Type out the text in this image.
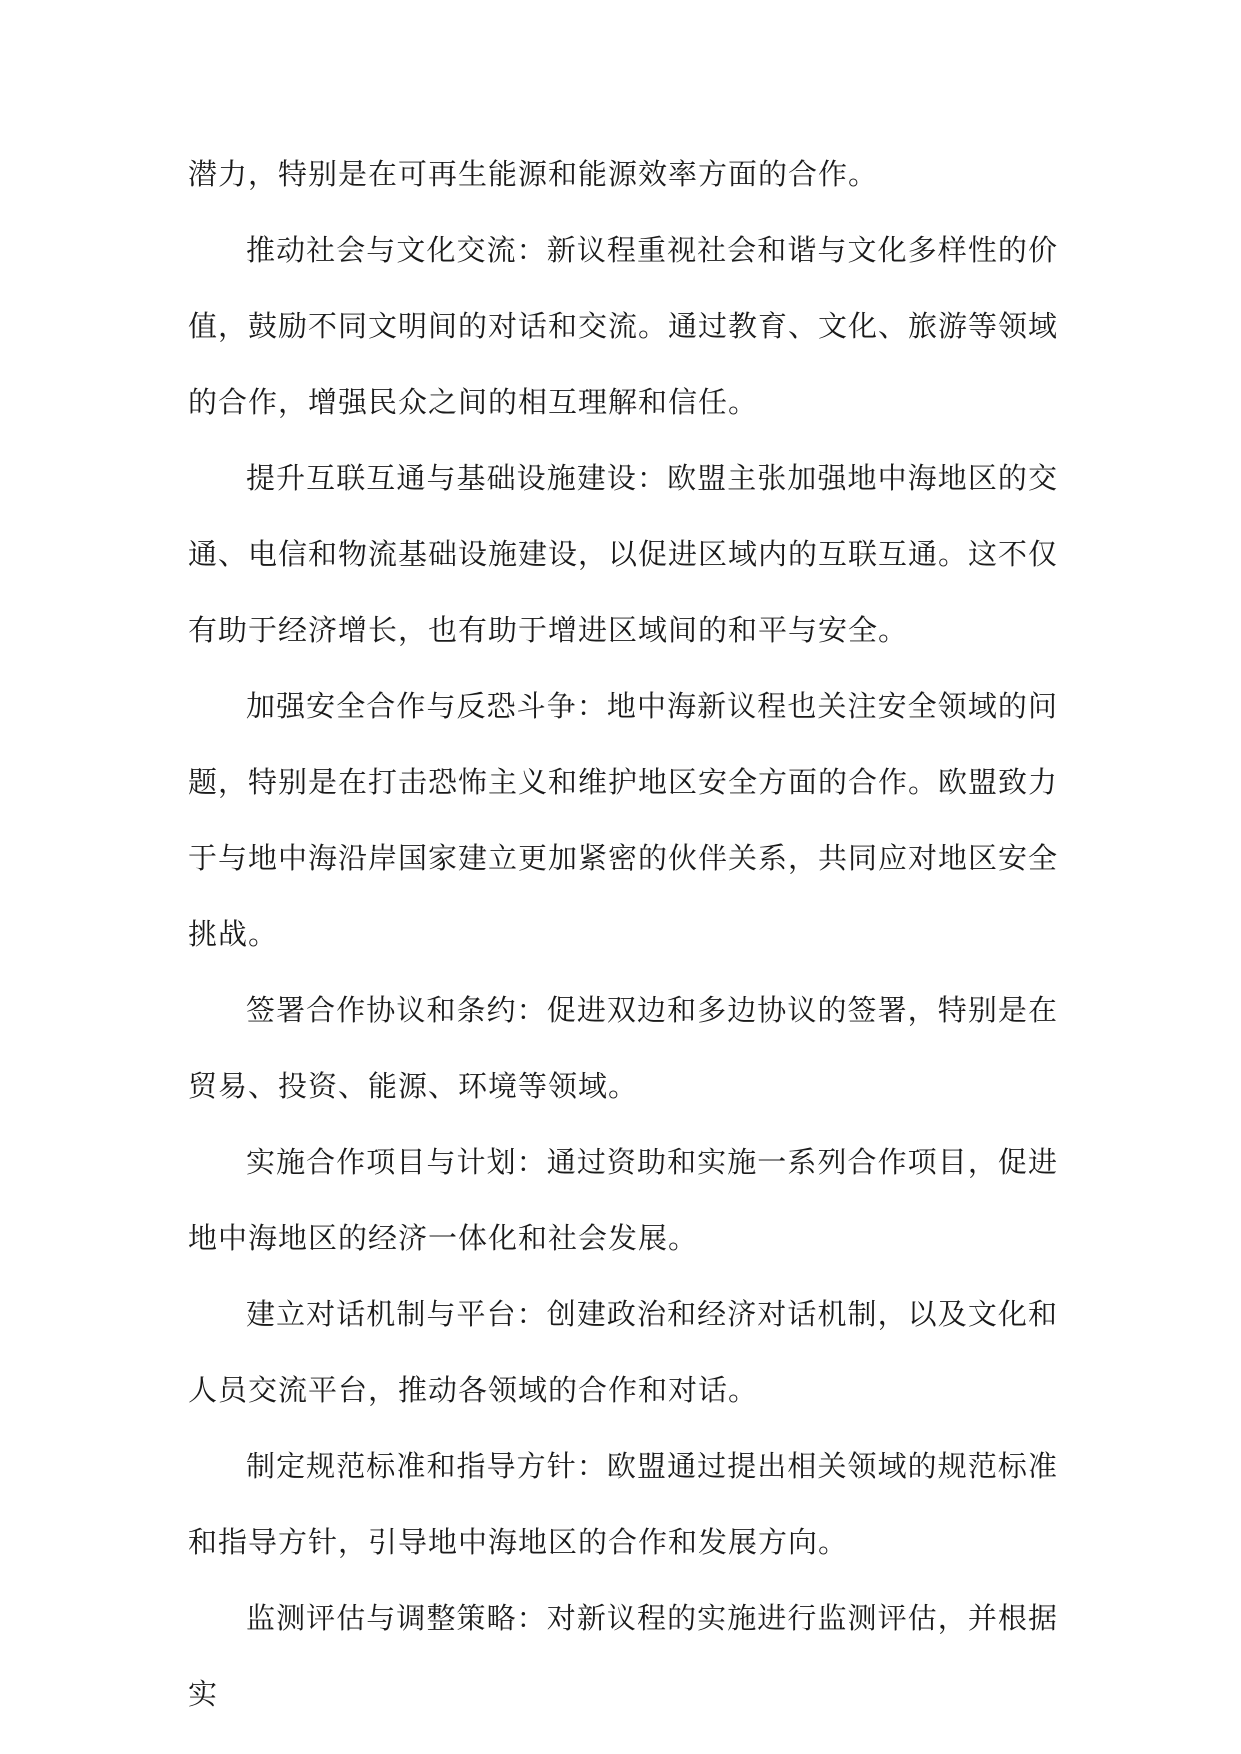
潜力，特别是在可再生能源和能源效率方面的合作。

推动社会与文化交流：新议程重视社会和谐与文化多样性的价值，鼓励不同文明间的对话和交流。通过教育、文化、旅游等领域的合作，增强民众之间的相互理解和信任。

提升互联互通与基础设施建设：欧盟主张加强地中海地区的交通、电信和物流基础设施建设，以促进区域内的互联互通。这不仅有助于经济增长，也有助于增进区域间的和平与安全。

加强安全合作与反恐斗争：地中海新议程也关注安全领域的问题，特别是在打击恐怖主义和维护地区安全方面的合作。欧盟致力于与地中海沿岸国家建立更加紧密的伙伴关系，共同应对地区安全挑战。

签署合作协议和条约：促进双边和多边协议的签署，特别是在贸易、投资、能源、环境等领域。

实施合作项目与计划：通过资助和实施一系列合作项目，促进地中海地区的经济一体化和社会发展。

建立对话机制与平台：创建政治和经济对话机制，以及文化和人员交流平台，推动各领域的合作和对话。

制定规范标准和指导方针：欧盟通过提出相关领域的规范标准和指导方针，引导地中海地区的合作和发展方向。

监测评估与调整策略：对新议程的实施进行监测评估，并根据实
